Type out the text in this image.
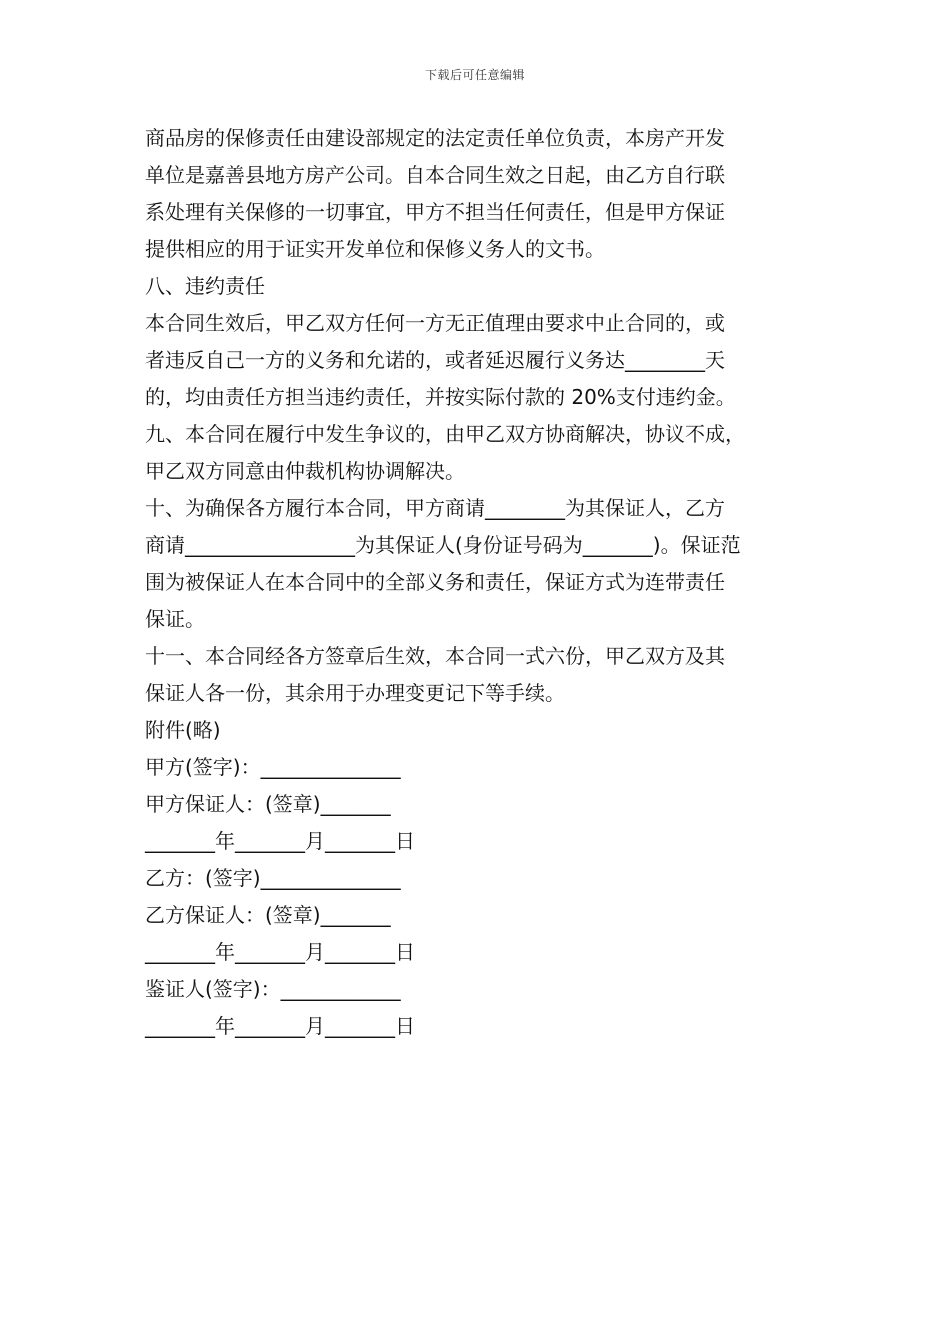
下载后可任意编辑
商品房的保修责任由建设部规定的法定责任单位负责，本房产开发
单位是嘉善县地方房产公司。自本合同生效之日起，由乙方自行联
系处理有关保修的一切事宜，甲方不担当任何责任，但是甲方保证
提供相应的用于证实开发单位和保修义务人的文书。
八、违约责任
本合同生效后，甲乙双方任何一方无正值理由要求中止合同的，或
者违反自己一方的义务和允诺的，或者延迟履行义务达________天
的，均由责任方担当违约责任，并按实际付款的 20%支付违约金。
九、本合同在履行中发生争议的，由甲乙双方协商解决，协议不成，
甲乙双方同意由仲裁机构协调解决。
十、为确保各方履行本合同，甲方商请________为其保证人，乙方
商请_________________为其保证人(身份证号码为_______)。保证范
围为被保证人在本合同中的全部义务和责任，保证方式为连带责任
保证。
十一、本合同经各方签章后生效，本合同一式六份，甲乙双方及其
保证人各一份，其余用于办理变更记下等手续。
附件(略)
甲方(签字)：______________
甲方保证人：(签章)_______
_______年_______月_______日
乙方：(签字)______________
乙方保证人：(签章)_______
_______年_______月_______日
鉴证人(签字)：____________
_______年_______月_______日
